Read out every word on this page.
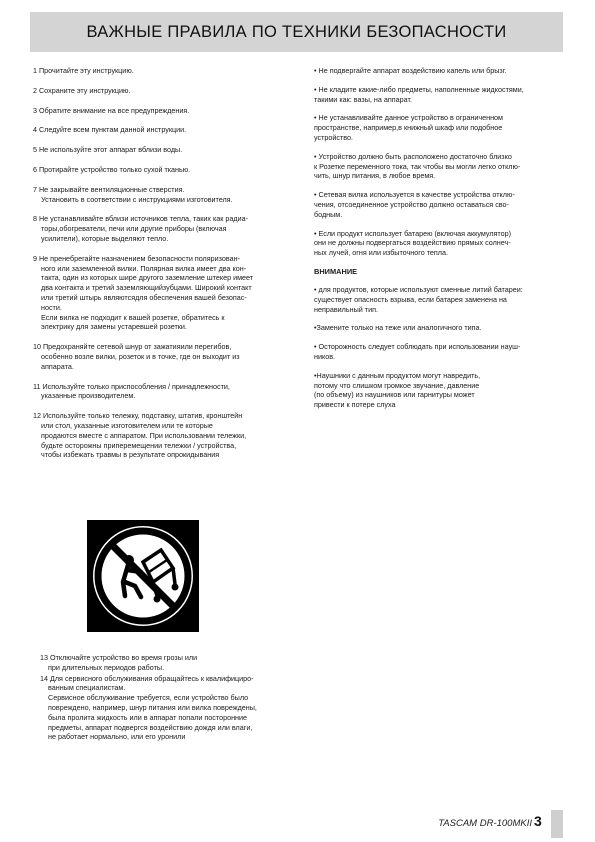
ВАЖНЫЕ ПРАВИЛА ПО ТЕХНИКИ БЕЗОПАСНОСТИ

1 Прочитайте эту инструкцию.

2 Сохраните эту инструкцию.

3 Обратите внимание на все предупреждения.

4 Следуйте всем пунктам данной инструкции.

5 Не используйте этот аппарат вблизи воды.

6 Протирайте устройство только сухой тканью.

7 Не закрывайте вентиляционные стверстия.

Установить в соответствии с инструкциями изготовителя.

8 Не устанавливайте вблизи источников тепла, таких как радиа-

торы,обогреватели, печи или другие приборы (включая

усилители), которые выделяют тепло.

9 Не пренебрегайте назначением безопасности поляризован-

ного или заземленной вилки. Полярная вилка имеет два кон-

такта, один из которых шире другого заземление штекер имеет

два контакта и третий заземляющийзубцами. Широкий контакт

или третий штырь являютсядля обеспечения вашей безопас-

ности.

Если вилка не подходит к вашей розетке, обратитесь к

электрику для замены устаревшей розетки.

10 Предохраняйте сетевой шнур от зажатияили перегибов,

особенно возле вилки, розеток и в точке, где он выходит из

аппарата.

11 Используйте только приспособления / принадлежности,

указанные производителем.

12 Используйте только тележку, подставку, штатив, кронштейн

или стол, указанные изготовителем или те которые

продаются вместе с аппаратом. При использовании тележки,

будьте осторожны приперемещении тележки / устройства,

чтобы избежать травмы в результате опрокидывания

• Не подвергайте аппарат воздействию капель или брызг.

• Не кладите какие-либо предметы, наполненные жидкостями,

такими как: вазы, на аппарат.

• Не устанавливайте данное устройство в ограниченном

пространстве, например,в книжный шкаф или подобное

устройство.

• Устройство должно быть расположено достаточно близко

к Розетке переменного тока, так чтобы вы могли легко отклю-

чить, шнур питания, в любое время.

• Сетевая вилка используется в качестве устройства отклю-

чения, отсоединенное устройство должно оставаться сво-

бодным.

• Если продукт использует батарею (включая аккумулятор)

они не должны подвергаться воздействию прямых солнеч-

ных лучей, огня или избыточного тепла.

ВНИМАНИЕ

• для продуктов, которые используют сменные литий батареи:

существует опасность взрыва, если батарея заменена на

неправильный тип.

•Замените только на теже или аналогичного типа.

• Осторожность следует соблюдать при использовании науш-

ников.

•Наушники с данным продуктом могут навредить,

потому что слишком громкое звучание, давление

(по объему) из наушников или гарнитуры может

привести к потере слуха

13 Отключайте устройство во время грозы или

при длительных периодов работы.

14 Для сервисного обслуживания обращайтесь к квалифициро-

ванным специалистам.

Сервисное обслуживание требуется, если устройство было

повреждено, например, шнур питания или вилка повреждены,

была пролита жидкость или в аппарат попали посторонние

предметы, аппарат подвергся воздействию дождя или влаги,

не работает нормально, или его уронили

TASCAM DR-100MKII 3
